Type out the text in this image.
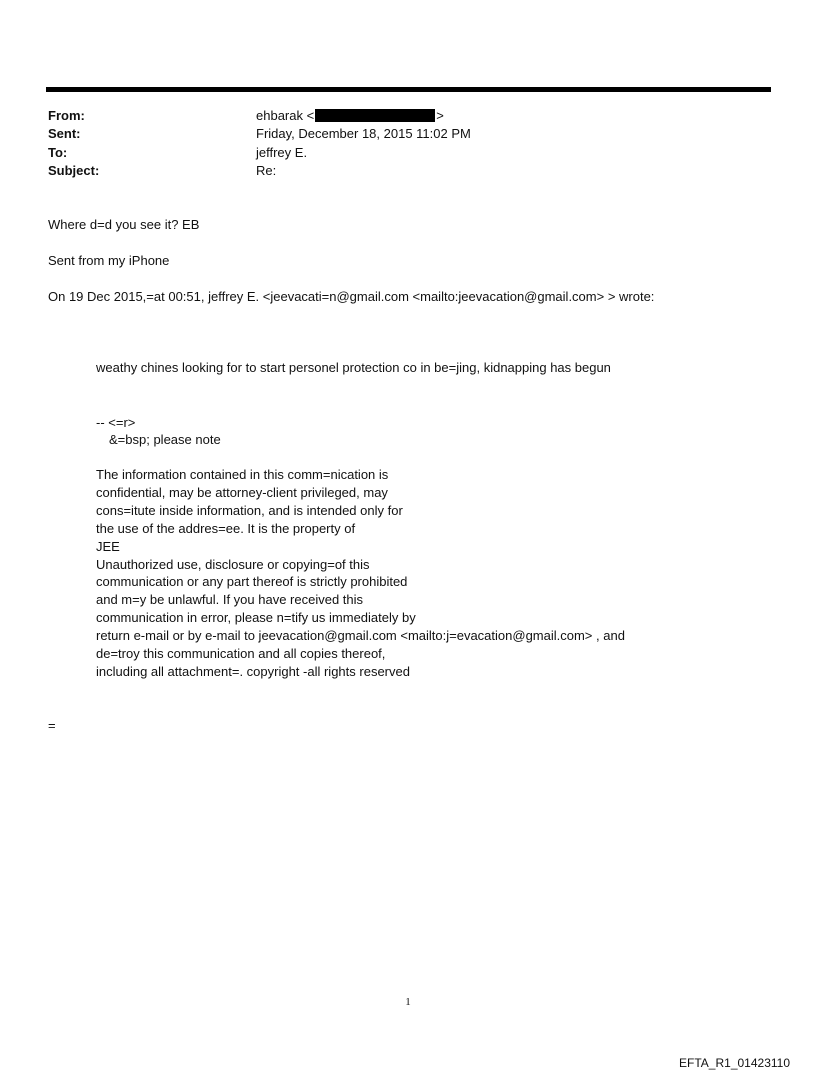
From:	ehbarak <	>
Sent:	Friday, December 18, 2015 11:02 PM
To:	jeffrey E.
Subject:	Re:
Where d=d you see it? EB
Sent from my iPhone
On 19 Dec 2015,=at 00:51, jeffrey E. <jeevacati=n@gmail.com <mailto:jeevacation@gmail.com> > wrote:
weathy chines looking for to start personel protection co in be=jing, kidnapping has begun
-- <=r>
&=bsp; please note
The information contained in this comm=nication is
confidential, may be attorney-client privileged, may
cons=itute inside information, and is intended only for
the use of the addres=ee. It is the property of
JEE
Unauthorized use, disclosure or copying=of this
communication or any part thereof is strictly prohibited
and m=y be unlawful. If you have received this
communication in error, please n=tify us immediately by
return e-mail or by e-mail to jeevacation@gmail.com <mailto:j=evacation@gmail.com> , and
de=troy this communication and all copies thereof,
including all attachment=. copyright -all rights reserved
=
1
EFTA_R1_01423110
